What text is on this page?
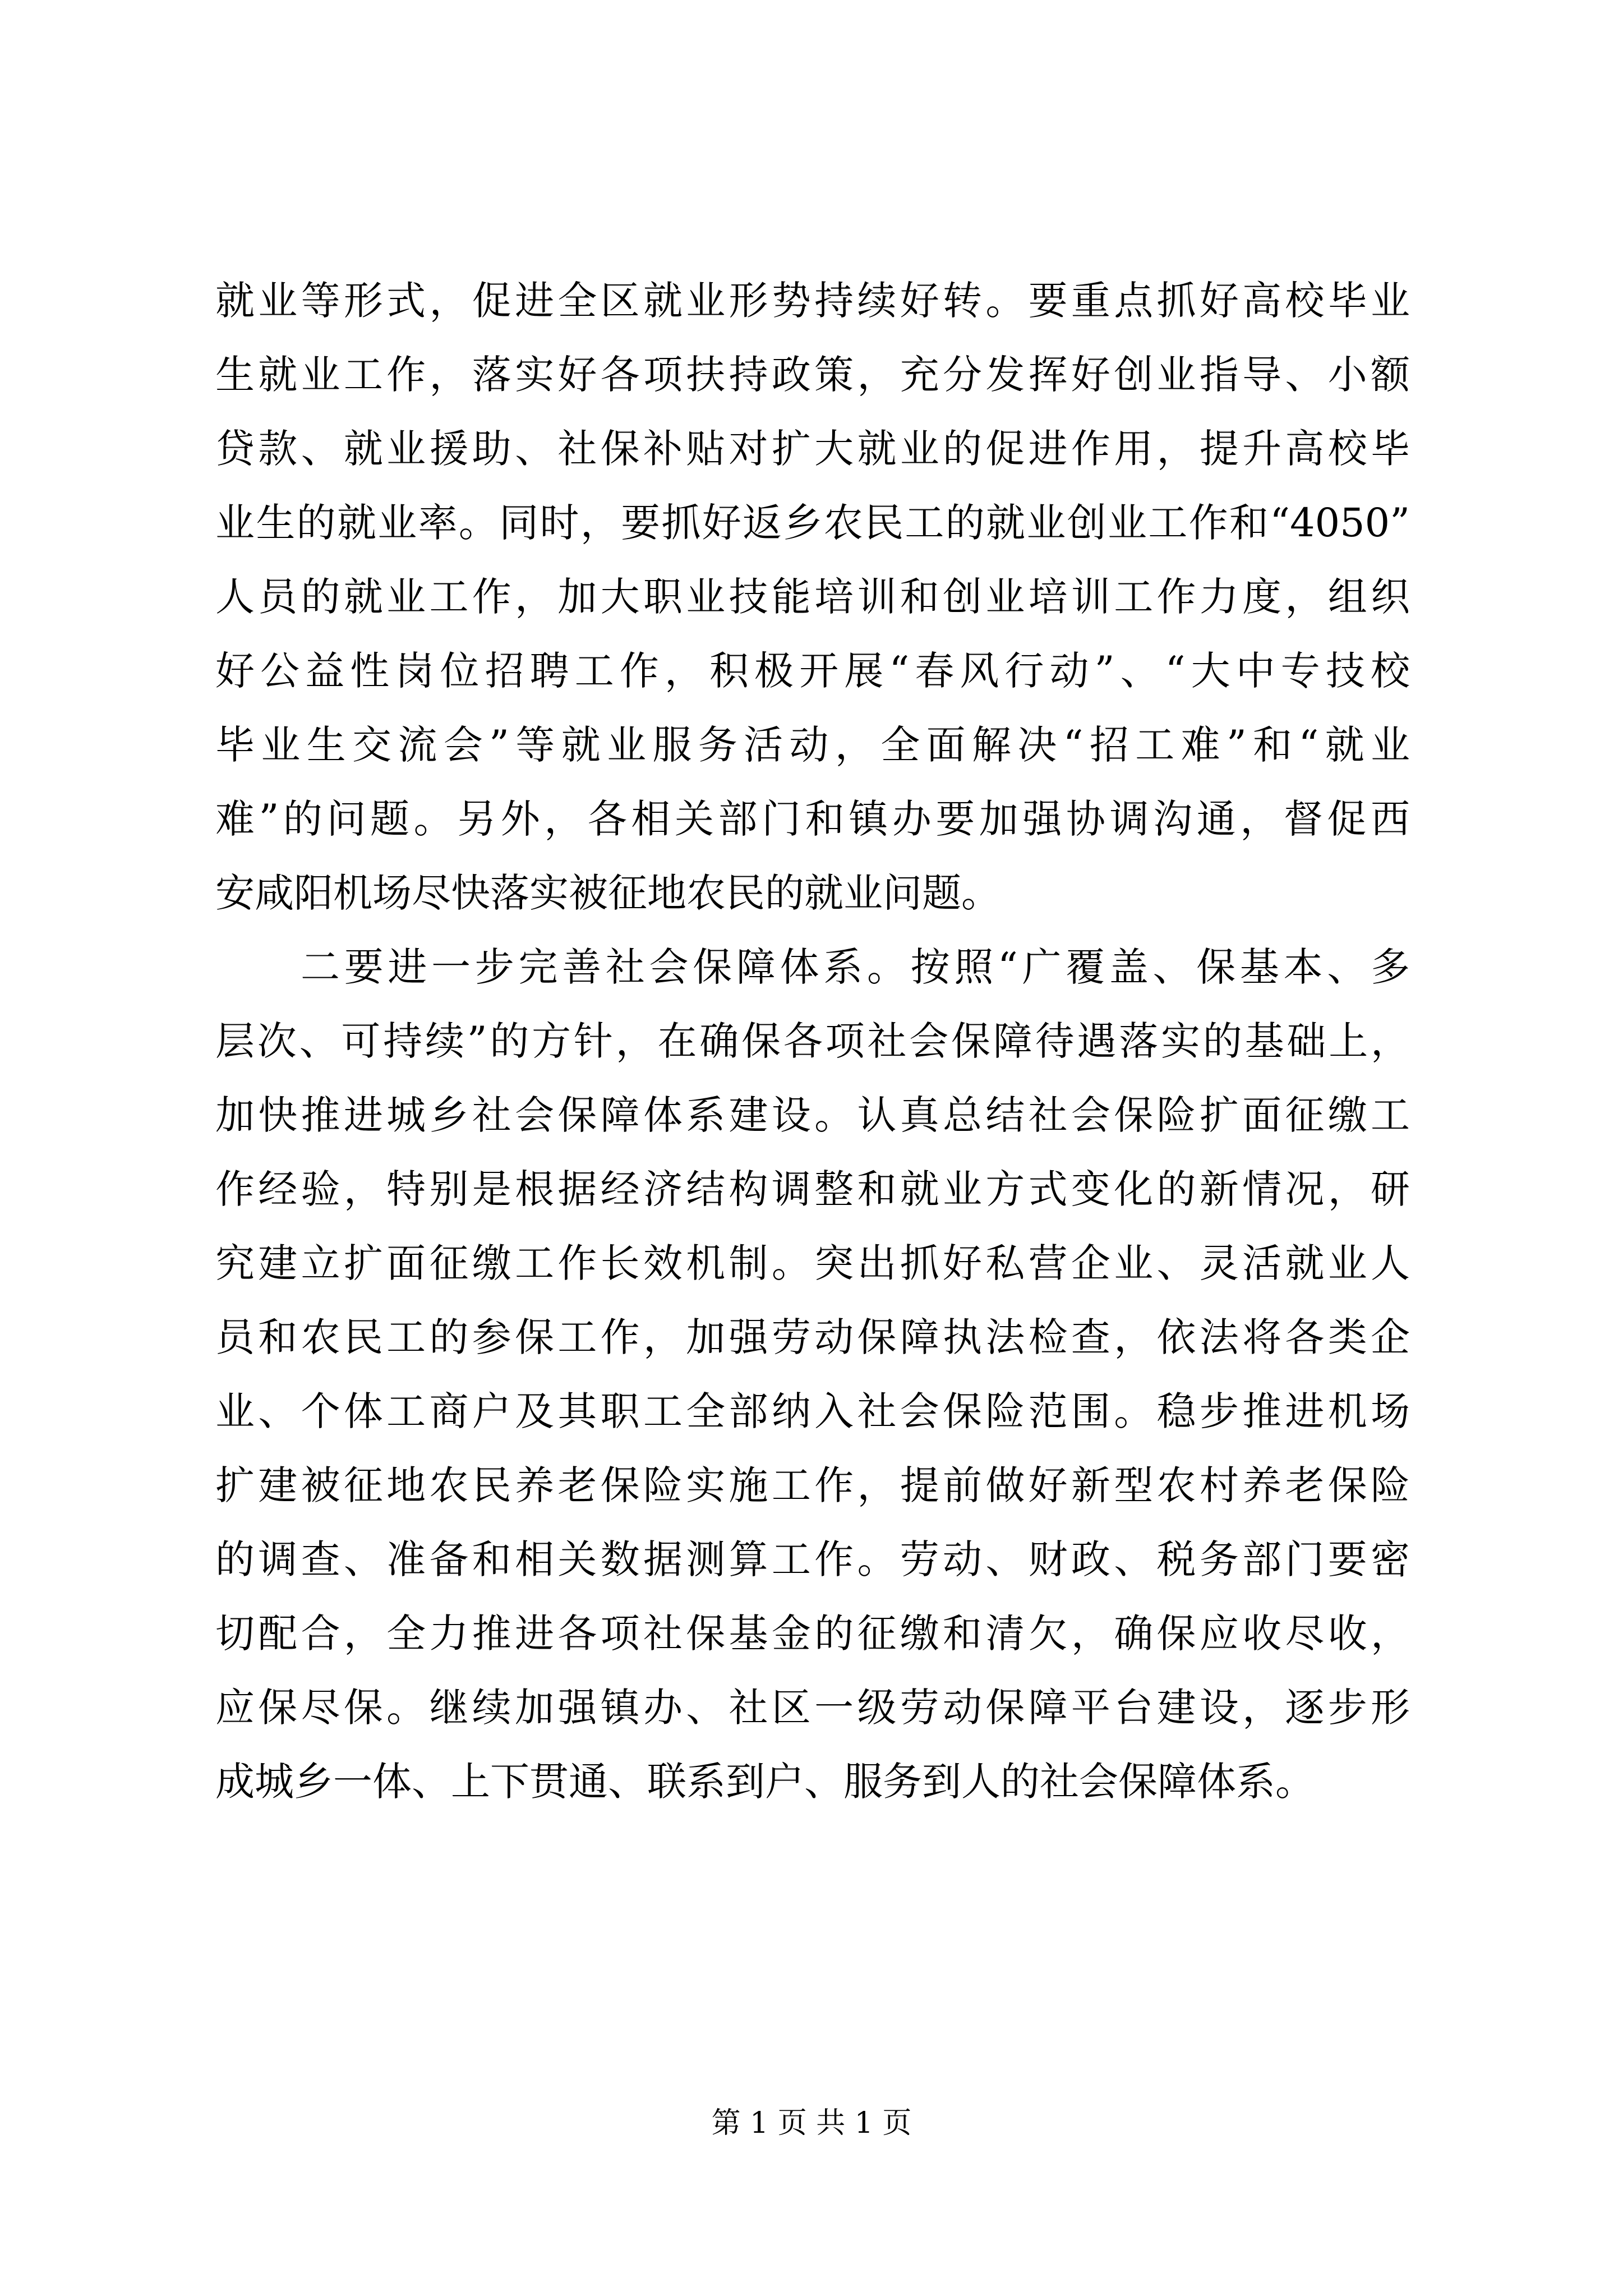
就业等形式，促进全区就业形势持续好转。要重点抓好高校毕业
生就业工作，落实好各项扶持政策，充分发挥好创业指导、小额
贷款、就业援助、社保补贴对扩大就业的促进作用，提升高校毕
业生的就业率。同时，要抓好返乡农民工的就业创业工作和“4050”
人员的就业工作，加大职业技能培训和创业培训工作力度，组织
好公益性岗位招聘工作，积极开展“春风行动”、“大中专技校
毕业生交流会”等就业服务活动，全面解决“招工难”和“就业
难”的问题。另外，各相关部门和镇办要加强协调沟通，督促西
安咸阳机场尽快落实被征地农民的就业问题。
二要进一步完善社会保障体系。按照“广覆盖、保基本、多
层次、可持续”的方针，在确保各项社会保障待遇落实的基础上，
加快推进城乡社会保障体系建设。认真总结社会保险扩面征缴工
作经验，特别是根据经济结构调整和就业方式变化的新情况，研
究建立扩面征缴工作长效机制。突出抓好私营企业、灵活就业人
员和农民工的参保工作，加强劳动保障执法检查，依法将各类企
业、个体工商户及其职工全部纳入社会保险范围。稳步推进机场
扩建被征地农民养老保险实施工作，提前做好新型农村养老保险
的调查、准备和相关数据测算工作。劳动、财政、税务部门要密
切配合，全力推进各项社保基金的征缴和清欠，确保应收尽收，
应保尽保。继续加强镇办、社区一级劳动保障平台建设，逐步形
成城乡一体、上下贯通、联系到户、服务到人的社会保障体系。
第 1 页 共 1 页
